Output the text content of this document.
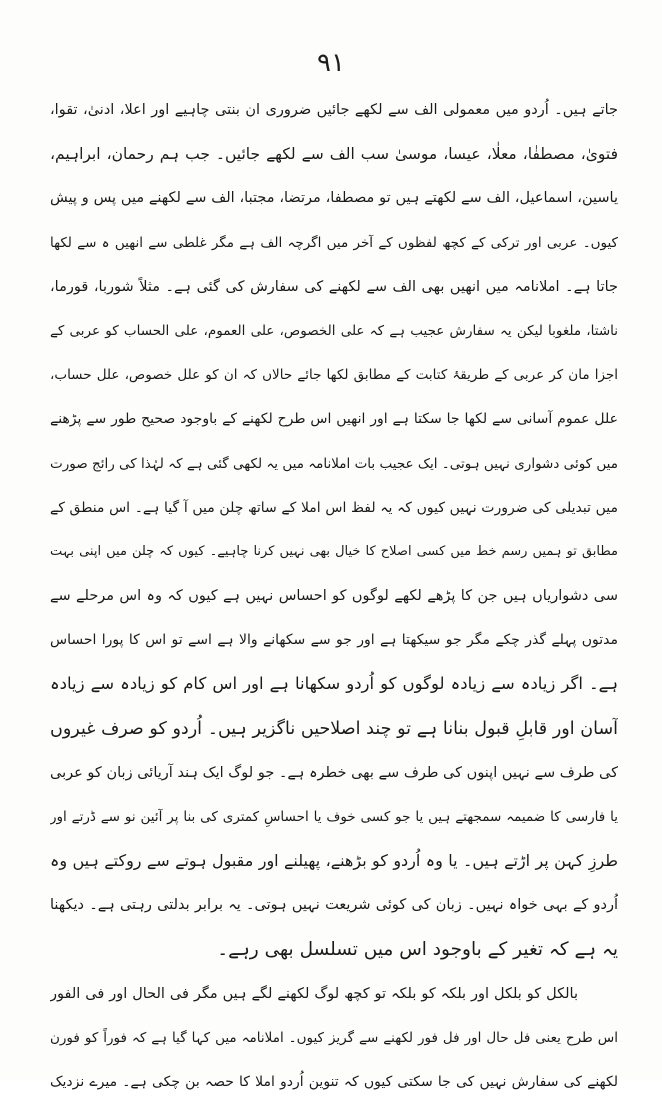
۹۱
جاتے ہیں۔ اُردو میں معمولی الف سے لکھے جائیں ضروری ان بنتی چاہیے اور اعلا، ادنیٰ، تقوا،
فتویٰ، مصطفٰا، معلٰا، عیسا، موسیٰ سب الف سے لکھے جائیں۔ جب ہم رحمان، ابراہیم،
یاسین، اسماعیل، الف سے لکھتے ہیں تو مصطفا، مرتضا، مجتبا، الف سے لکھنے میں پس و پیش
کیوں۔ عربی اور ترکی کے کچھ لفظوں کے آخر میں اگرچہ الف ہے مگر غلطی سے انھیں ہ سے لکھا
جاتا ہے۔ املانامہ میں انھیں بھی الف سے لکھنے کی سفارش کی گئی ہے۔ مثلاً شوربا، قورما،
ناشتا، ملغوبا لیکن یہ سفارش عجیب ہے کہ علی الخصوص، علی العموم، علی الحساب کو عربی کے
اجزا مان کر عربی کے طریقۂ کتابت کے مطابق لکھا جائے حالاں کہ ان کو علل خصوص، علل حساب،
علل عموم آسانی سے لکھا جا سکتا ہے اور انھیں اس طرح لکھنے کے باوجود صحیح طور سے پڑھنے
میں کوئی دشواری نہیں ہوتی۔ ایک عجیب بات املانامہ میں یہ لکھی گئی ہے کہ لہٰذا کی رائج صورت
میں تبدیلی کی ضرورت نہیں کیوں کہ یہ لفظ اس املا کے ساتھ چلن میں آ گیا ہے۔ اس منطق کے
مطابق تو ہمیں رسم خط میں کسی اصلاح کا خیال بھی نہیں کرنا چاہیے۔ کیوں کہ چلن میں اپنی بہت
سی دشواریاں ہیں جن کا پڑھے لکھے لوگوں کو احساس نہیں ہے کیوں کہ وہ اس مرحلے سے
مدتوں پہلے گذر چکے مگر جو سیکھتا ہے اور جو سے سکھانے والا ہے اسے تو اس کا پورا احساس
ہے۔ اگر زیادہ سے زیادہ لوگوں کو اُردو سکھانا ہے اور اس کام کو زیادہ سے زیادہ
آسان اور قابلِ قبول بنانا ہے تو چند اصلاحیں ناگزیر ہیں۔ اُردو کو صرف غیروں
کی طرف سے نہیں اپنوں کی طرف سے بھی خطرہ ہے۔ جو لوگ ایک ہند آریائی زبان کو عربی
یا فارسی کا ضمیمہ سمجھتے ہیں یا جو کسی خوف یا احساسِ کمتری کی بنا پر آئین نو سے ڈرتے اور
طرزِ کہن پر اڑتے ہیں۔ یا وہ اُردو کو بڑھنے، پھیلنے اور مقبول ہوتے سے روکتے ہیں وہ
اُردو کے بہی خواہ نہیں۔ زبان کی کوئی شریعت نہیں ہوتی۔ یہ برابر بدلتی رہتی ہے۔ دیکھنا
یہ ہے کہ تغیر کے باوجود اس میں تسلسل بھی رہے۔
بالکل کو بلکل اور بلکہ کو بلکہ تو کچھ لوگ لکھنے لگے ہیں مگر فی الحال اور فی الفور
اس طرح یعنی فل حال اور فل فور لکھنے سے گریز کیوں۔ املانامہ میں کہا گیا ہے کہ فوراً کو فورن
لکھنے کی سفارش نہیں کی جا سکتی کیوں کہ تنوین اُردو املا کا حصہ بن چکی ہے۔ میرے نزدیک
